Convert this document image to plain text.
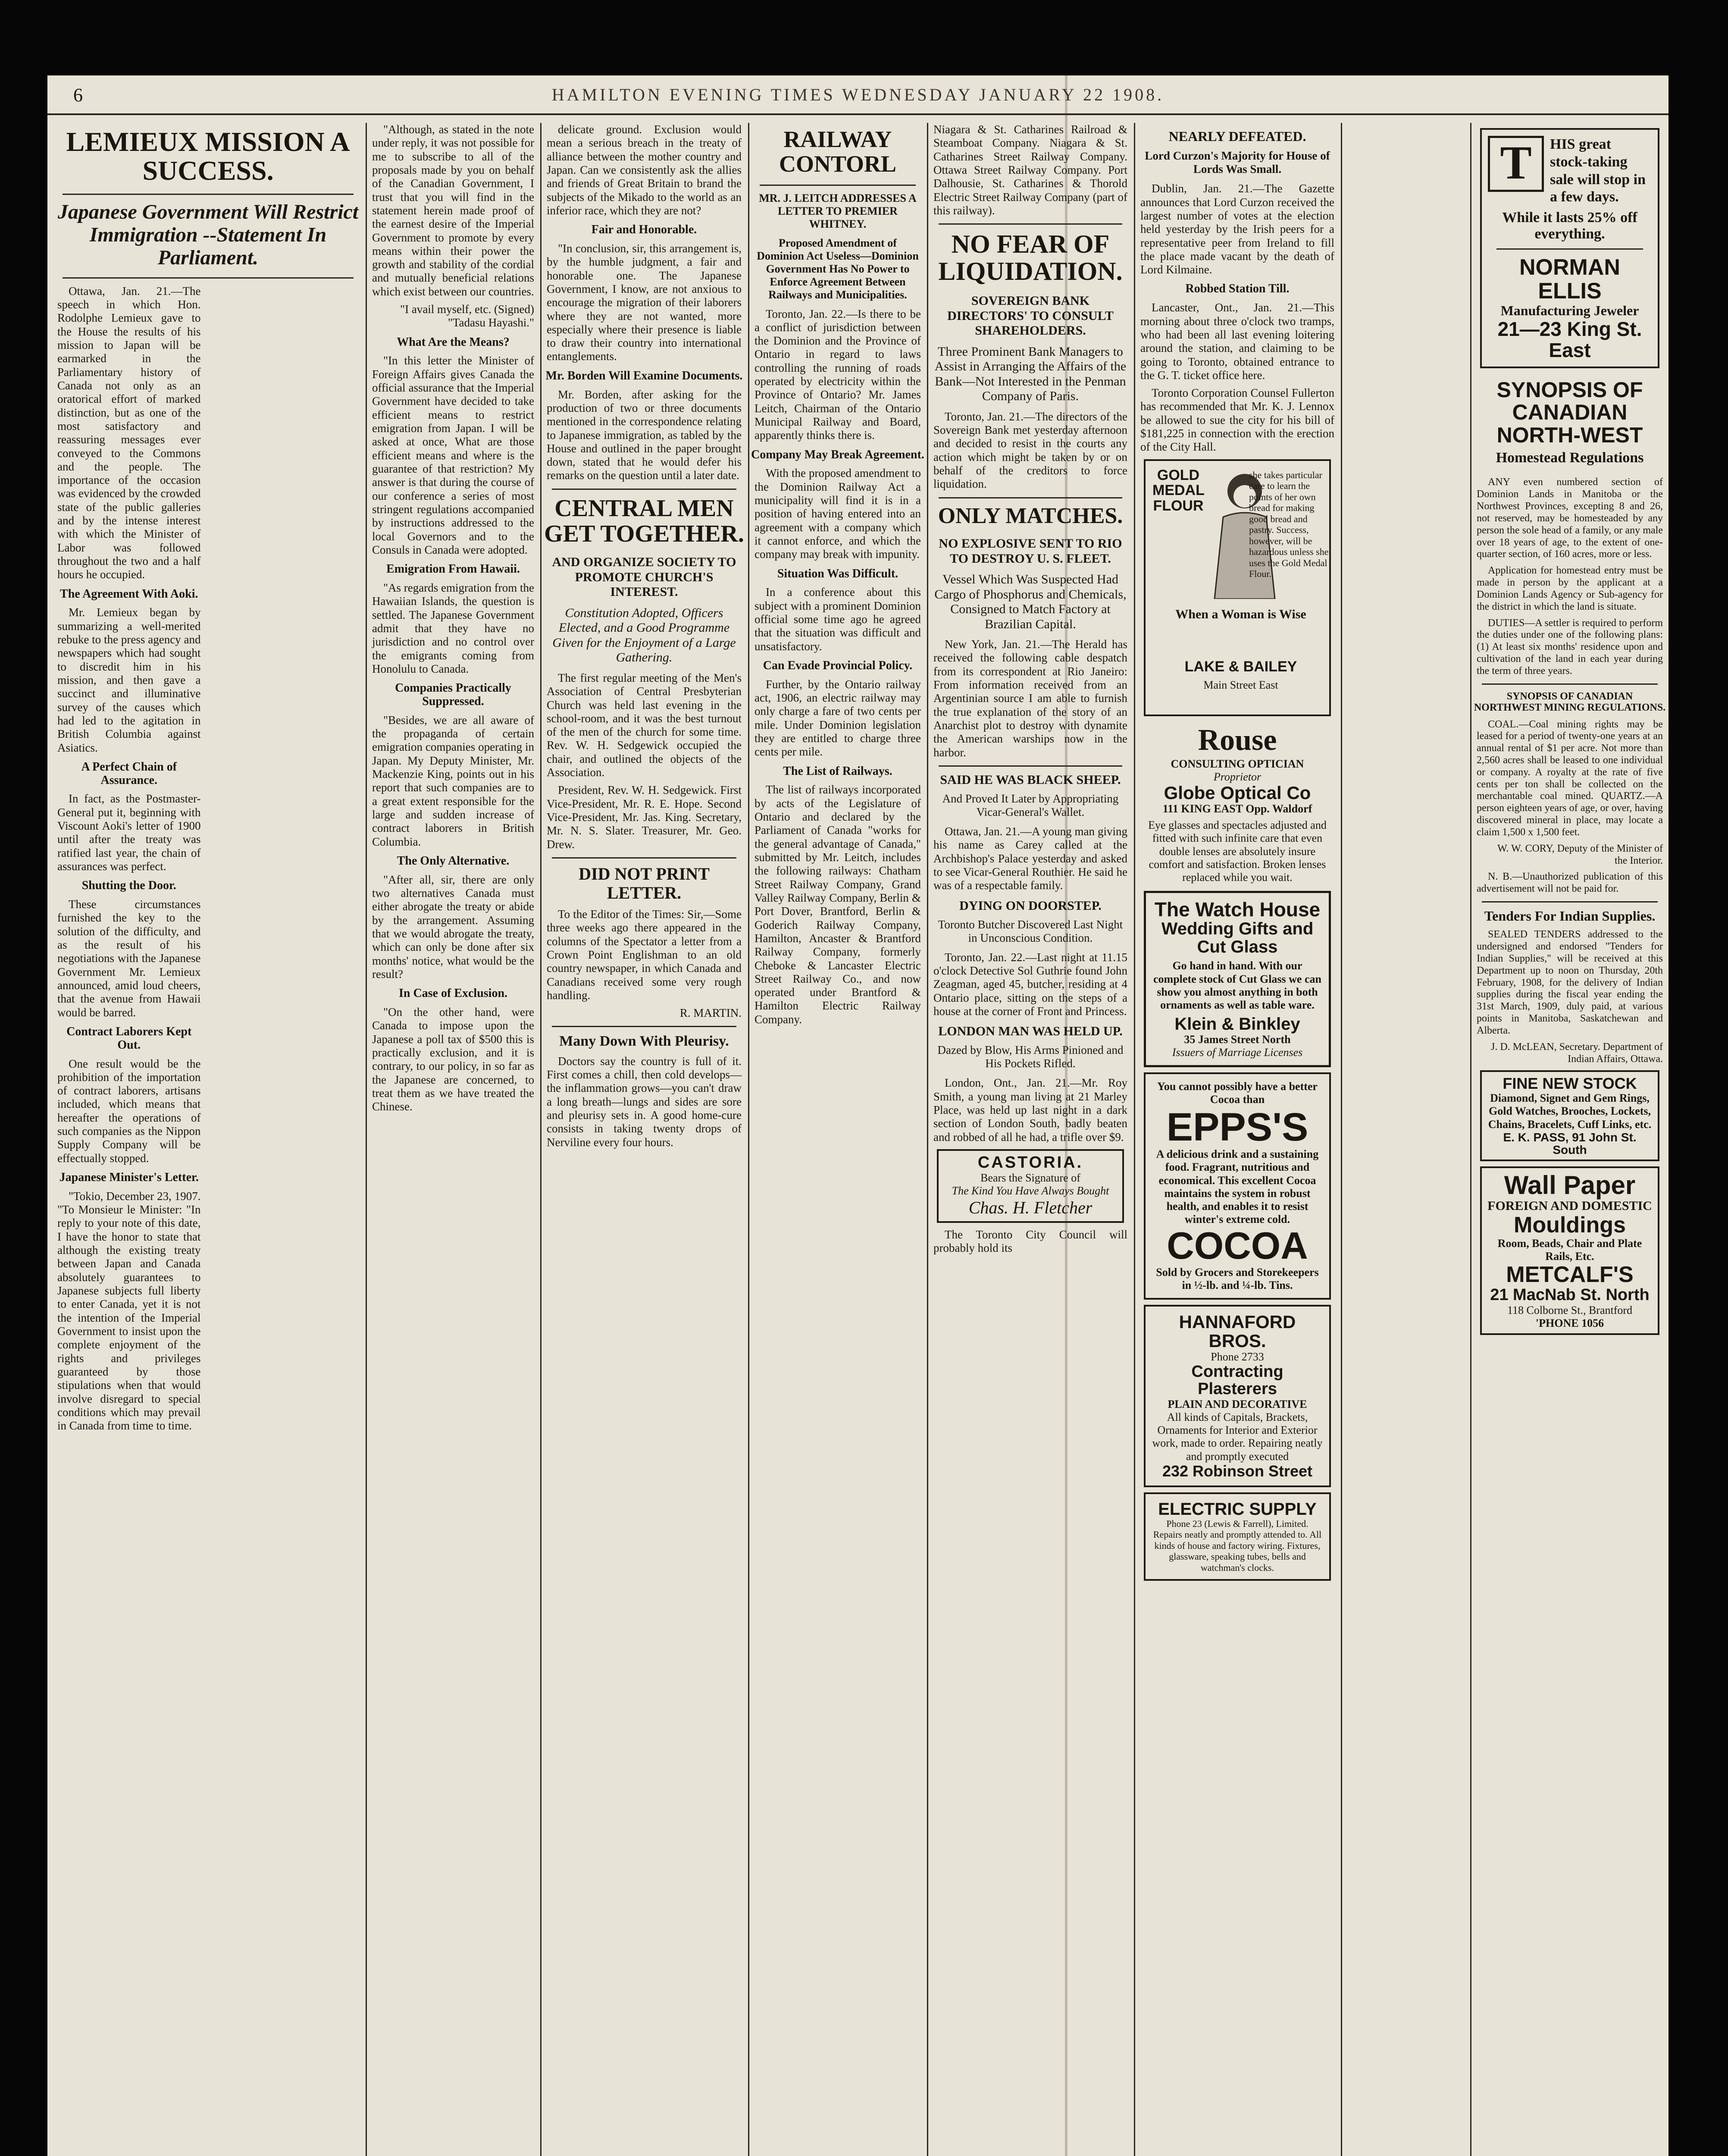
6	HAMILTON EVENING TIMES WEDNESDAY JANUARY 22 1908.
LEMIEUX MISSION A SUCCESS.
Japanese Government Will Restrict Immigration --Statement In Parliament.

Ottawa, Jan. 21.—The speech in which Hon. Rodolphe Lemieux gave to the House the results of his mission to Japan will be earmarked in the Parliamentary history of Canada not only as an oratorical effort of marked distinction, but as one of the most satisfactory and reassuring messages ever conveyed to the Commons and the people. The importance of the occasion was evidenced by the crowded state of the public galleries and by the intense interest with which the Minister of Labor was followed throughout the two and a half hours he occupied.

The Agreement With Aoki.

Mr. Lemieux began by summarizing a well-merited rebuke to the press agency and newspapers which had sought to discredit him in his mission, and then gave a succinct and illuminative survey of the causes which had led to the agitation in British Columbia against Asiatics.

A Perfect Chain of Assurance.

In fact, as the Postmaster-General put it, beginning with Viscount Aoki's letter of 1900 until after the treaty was ratified last year, the chain of assurances was perfect.

Shutting the Door.

These circumstances furnished the key to the solution of the difficulty, and as the result of his negotiations with the Japanese Government Mr. Lemieux announced, amid loud cheers, that the avenue from Hawaii would be barred.

Contract Laborers Kept Out.

One result would be the prohibition of the importation of contract laborers, artisans included, which means that hereafter the operations of such companies as the Nippon Supply Company will be effectually stopped.

Japanese Minister's Letter.

"Tokio, December 23, 1907. "To Monsieur le Minister: "In reply to your note of this date, I have the honor to state that although the existing treaty between Japan and Canada absolutely guarantees to Japanese subjects full liberty to enter Canada, yet it is not the intention of the Imperial Government to insist upon the complete enjoyment of the rights and privileges guaranteed by those stipulations when that would involve disregard to special conditions which may prevail in Canada from time to time.

"Although, as stated in the note under reply, it was not possible for me to subscribe to all of the proposals made by you on behalf of the Canadian Government, I trust that you will find in the statement herein made proof of the earnest desire of the Imperial Government to promote by every means within their power the growth and stability of the cordial and mutually beneficial relations which exist between our countries.

"I avail myself, etc. (Signed) "Tadasu Hayashi."

What Are the Means?

"In this letter the Minister of Foreign Affairs gives Canada the official assurance that the Imperial Government have decided to take efficient means to restrict emigration from Japan. I will be asked at once, What are those efficient means and where is the guarantee of that restriction? My answer is that during the course of our conference a series of most stringent regulations accompanied by instructions addressed to the local Governors and to the Consuls in Canada were adopted.

Emigration From Hawaii.

"As regards emigration from the Hawaiian Islands, the question is settled. The Japanese Government admit that they have no jurisdiction and no control over the emigrants coming from Honolulu to Canada.

Companies Practically Suppressed.

"Besides, we are all aware of the propaganda of certain emigration companies operating in Japan. My Deputy Minister, Mr. Mackenzie King, points out in his report that such companies are to a great extent responsible for the large and sudden increase of contract laborers in British Columbia.

The Only Alternative.

"After all, sir, there are only two alternatives Canada must either abrogate the treaty or abide by the arrangement. Assuming that we would abrogate the treaty, which can only be done after six months' notice, what would be the result?

In Case of Exclusion.

"On the other hand, were Canada to impose upon the Japanese a poll tax of $500 this is practically exclusion, and it is contrary, to our policy, in so far as the Japanese are concerned, to treat them as we have treated the Chinese.

delicate ground. Exclusion would mean a serious breach in the treaty of alliance between the mother country and Japan. Can we consistently ask the allies and friends of Great Britain to brand the subjects of the Mikado to the world as an inferior race, which they are not?

Fair and Honorable.

"In conclusion, sir, this arrangement is, by the humble judgment, a fair and honorable one. The Japanese Government, I know, are not anxious to encourage the migration of their laborers where they are not wanted, more especially where their presence is liable to draw their country into international entanglements.

Mr. Borden Will Examine Documents.

Mr. Borden, after asking for the production of two or three documents mentioned in the correspondence relating to Japanese immigration, as tabled by the House and outlined in the paper brought down, stated that he would defer his remarks on the question until a later date.

CENTRAL MEN GET TOGETHER.
AND ORGANIZE SOCIETY TO PROMOTE CHURCH'S INTEREST.
Constitution Adopted, Officers Elected, and a Good Programme Given for the Enjoyment of a Large Gathering.

The first regular meeting of the Men's Association of Central Presbyterian Church was held last evening in the school-room, and it was the best turnout of the men of the church for some time. Rev. W. H. Sedgewick occupied the chair, and outlined the objects of the Association.

President, Rev. W. H. Sedgewick. First Vice-President, Mr. R. E. Hope. Second Vice-President, Mr. Jas. King. Secretary, Mr. N. S. Slater. Treasurer, Mr. Geo. Drew.

DID NOT PRINT LETTER.

To the Editor of the Times: Sir,—Some three weeks ago there appeared in the columns of the Spectator a letter from a Crown Point Englishman to an old country newspaper, in which Canada and Canadians received some very rough handling.

R. MARTIN.

Many Down With Pleurisy.

Doctors say the country is full of it. First comes a chill, then cold develops—the inflammation grows—you can't draw a long breath—lungs and sides are sore and pleurisy sets in. A good home-cure consists in taking twenty drops of Nerviline every four hours.

RAILWAY CONTORL
MR. J. LEITCH ADDRESSES A LETTER TO PREMIER WHITNEY.
Proposed Amendment of Dominion Act Useless—Dominion Government Has No Power to Enforce Agreement Between Railways and Municipalities.

Toronto, Jan. 22.—Is there to be a conflict of jurisdiction between the Dominion and the Province of Ontario in regard to laws controlling the running of roads operated by electricity within the Province of Ontario? Mr. James Leitch, Chairman of the Ontario Municipal Railway and Board, apparently thinks there is.

Company May Break Agreement.

With the proposed amendment to the Dominion Railway Act a municipality will find it is in a position of having entered into an agreement with a company which it cannot enforce, and which the company may break with impunity.

Situation Was Difficult.

In a conference about this subject with a prominent Dominion official some time ago he agreed that the situation was difficult and unsatisfactory.

Can Evade Provincial Policy.

Further, by the Ontario railway act, 1906, an electric railway may only charge a fare of two cents per mile. Under Dominion legislation they are entitled to charge three cents per mile.

The List of Railways.

The list of railways incorporated by acts of the Legislature of Ontario and declared by the Parliament of Canada "works for the general advantage of Canada," submitted by Mr. Leitch, includes the following railways: Chatham Street Railway Company, Grand Valley Railway Company, Berlin & Port Dover, Brantford, Berlin & Goderich Railway Company, Hamilton, Ancaster & Brantford Railway Company, formerly Cheboke & Lancaster Electric Street Railway Co., and now operated under Brantford & Hamilton Electric Railway Company.

Niagara & St. Catharines Railroad & Steamboat Company. Niagara & St. Catharines Street Railway Company. Ottawa Street Railway Company. Port Dalhousie, St. Catharines & Thorold Electric Street Railway Company (part of this railway).

NO FEAR OF LIQUIDATION.
SOVEREIGN BANK DIRECTORS' TO CONSULT SHAREHOLDERS.
Three Prominent Bank Managers to Assist in Arranging the Affairs of the Bank—Not Interested in the Penman Company of Paris.

Toronto, Jan. 21.—The directors of the Sovereign Bank met yesterday afternoon and decided to resist in the courts any action which might be taken by or on behalf of the creditors to force liquidation.

ONLY MATCHES.
NO EXPLOSIVE SENT TO RIO TO DESTROY U. S. FLEET.
Vessel Which Was Suspected Had Cargo of Phosphorus and Chemicals, Consigned to Match Factory at Brazilian Capital.

New York, Jan. 21.—The Herald has received the following cable despatch from its correspondent at Rio Janeiro: From information received from an Argentinian source I am able to furnish the true explanation of the story of an Anarchist plot to destroy with dynamite the American warships now in the harbor.

SAID HE WAS BLACK SHEEP.
And Proved It Later by Appropriating Vicar-General's Wallet.

Ottawa, Jan. 21.—A young man giving his name as Carey called at the Archbishop's Palace yesterday and asked to see Vicar-General Routhier. He said he was of a respectable family.

DYING ON DOORSTEP.
Toronto Butcher Discovered Last Night in Unconscious Condition.

Toronto, Jan. 22.—Last night at 11.15 o'clock Detective Sol Guthrie found John Zeagman, aged 45, butcher, residing at 4 Ontario place, sitting on the steps of a house at the corner of Front and Princess.

LONDON MAN WAS HELD UP.
Dazed by Blow, His Arms Pinioned and His Pockets Rifled.

London, Ont., Jan. 21.—Mr. Roy Smith, a young man living at 21 Marley Place, was held up last night in a dark section of London South, badly beaten and robbed of all he had, a trifle over $9.

CASTORIA.
Bears the Signature of
The Kind You Have Always Bought
Chas. H. Fletcher

The Toronto City Council will probably hold its

NEARLY DEFEATED.
Lord Curzon's Majority for House of Lords Was Small.

Dublin, Jan. 21.—The Gazette announces that Lord Curzon received the largest number of votes at the election held yesterday by the Irish peers for a representative peer from Ireland to fill the place made vacant by the death of Lord Kilmaine.

Robbed Station Till.

Lancaster, Ont., Jan. 21.—This morning about three o'clock two tramps, who had been all last evening loitering around the station, and claiming to be going to Toronto, obtained entrance to the G. T. ticket office here.

Toronto Corporation Counsel Fullerton has recommended that Mr. K. J. Lennox be allowed to sue the city for his bill of $181,225 in connection with the erection of the City Hall.

GOLD MEDAL FLOUR
When a Woman is Wise
she takes particular care to learn the points of her own bread for making good bread and pastry. Success, however, will be hazardous unless she uses the Gold Medal Flour.
LAKE & BAILEY
Main Street East
Rouse
CONSULTING OPTICIAN
Proprietor
Globe Optical Co
111 KING EAST Opp. Waldorf
Eye glasses and spectacles adjusted and fitted with such infinite care that even double lenses are absolutely insure comfort and satisfaction. Broken lenses replaced while you wait.
The Watch House
Wedding Gifts and Cut Glass
Go hand in hand. With our complete stock of Cut Glass we can show you almost anything in both ornaments as well as table ware.
Klein & Binkley
35 James Street North
Issuers of Marriage Licenses
You cannot possibly have a better Cocoa than
EPPS'S
A delicious drink and a sustaining food. Fragrant, nutritious and economical. This excellent Cocoa maintains the system in robust health, and enables it to resist winter's extreme cold.
COCOA
Sold by Grocers and Storekeepers in ½-lb. and ¼-lb. Tins.
HANNAFORD BROS.
Phone 2733
Contracting Plasterers
PLAIN AND DECORATIVE
All kinds of Capitals, Brackets, Ornaments for Interior and Exterior work, made to order. Repairing neatly and promptly executed
232 Robinson Street
ELECTRIC SUPPLY
Phone 23 (Lewis & Farrell), Limited. Repairs neatly and promptly attended to. All kinds of house and factory wiring. Fixtures, glassware, speaking tubes, bells and watchman's clocks.
T	HIS great stock-taking sale will stop in a few days.
While it lasts 25% off everything.
NORMAN ELLIS
Manufacturing Jeweler
21—23 King St. East
SYNOPSIS OF CANADIAN NORTH-WEST
Homestead Regulations

ANY even numbered section of Dominion Lands in Manitoba or the Northwest Provinces, excepting 8 and 26, not reserved, may be homesteaded by any person the sole head of a family, or any male over 18 years of age, to the extent of one-quarter section, of 160 acres, more or less.

Application for homestead entry must be made in person by the applicant at a Dominion Lands Agency or Sub-agency for the district in which the land is situate.

DUTIES—A settler is required to perform the duties under one of the following plans: (1) At least six months' residence upon and cultivation of the land in each year during the term of three years.

SYNOPSIS OF CANADIAN NORTHWEST MINING REGULATIONS.

COAL.—Coal mining rights may be leased for a period of twenty-one years at an annual rental of $1 per acre. Not more than 2,560 acres shall be leased to one individual or company. A royalty at the rate of five cents per ton shall be collected on the merchantable coal mined. QUARTZ.—A person eighteen years of age, or over, having discovered mineral in place, may locate a claim 1,500 x 1,500 feet.

W. W. CORY, Deputy of the Minister of the Interior.

N. B.—Unauthorized publication of this advertisement will not be paid for.

Tenders For Indian Supplies.

SEALED TENDERS addressed to the undersigned and endorsed "Tenders for Indian Supplies," will be received at this Department up to noon on Thursday, 20th February, 1908, for the delivery of Indian supplies during the fiscal year ending the 31st March, 1909, duly paid, at various points in Manitoba, Saskatchewan and Alberta.

J. D. McLEAN, Secretary. Department of Indian Affairs, Ottawa.

FINE NEW STOCK
Diamond, Signet and Gem Rings, Gold Watches, Brooches, Lockets, Chains, Bracelets, Cuff Links, etc.
E. K. PASS, 91 John St. South
Wall Paper
FOREIGN AND DOMESTIC
Mouldings
Room, Beads, Chair and Plate Rails, Etc.
METCALF'S
21 MacNab St. North
118 Colborne St., Brantford
'PHONE 1056
